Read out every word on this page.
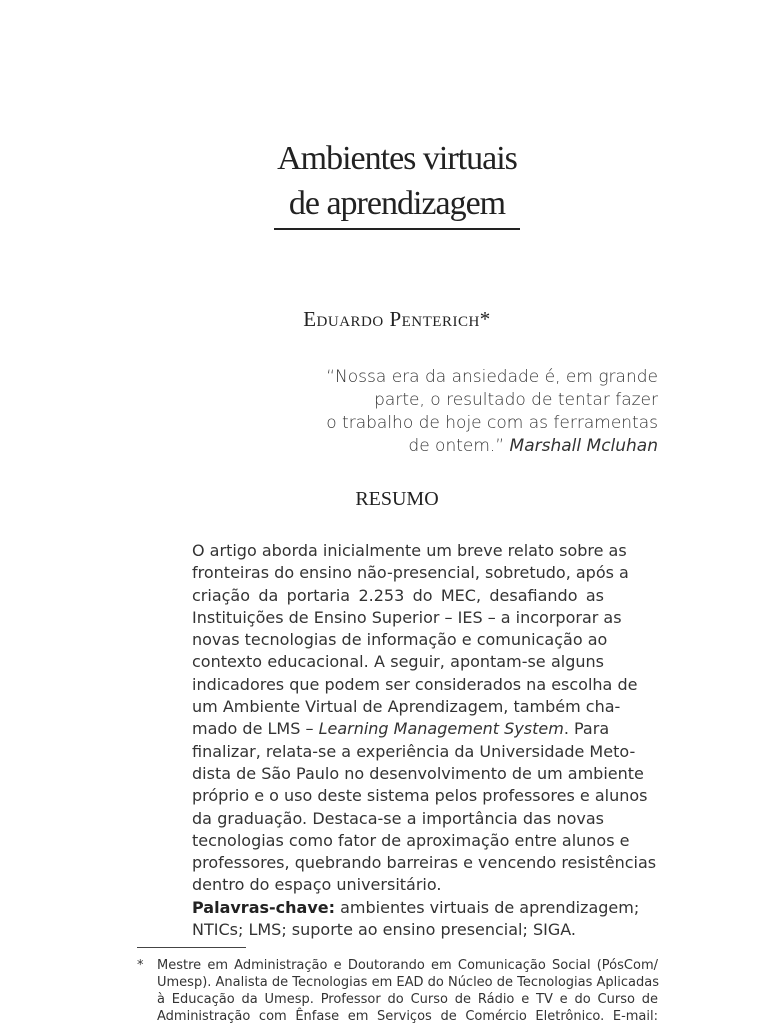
Ambientes virtuais
de aprendizagem
Eduardo Penterich*
“Nossa era da ansiedade é, em grande
parte, o resultado de tentar fazer
o trabalho de hoje com as ferramentas
de ontem.” Marshall Mcluhan
RESUMO
O artigo aborda inicialmente um breve relato sobre as
fronteiras do ensino não-presencial, sobretudo, após a
criação da portaria 2.253 do MEC, desafiando as
Instituições de Ensino Superior – IES – a incorporar as
novas tecnologias de informação e comunicação ao
contexto educacional. A seguir, apontam-se alguns
indicadores que podem ser considerados na escolha de
um Ambiente Virtual de Aprendizagem, também cha-
mado de LMS – Learning Management System. Para
finalizar, relata-se a experiência da Universidade Meto-
dista de São Paulo no desenvolvimento de um ambiente
próprio e o uso deste sistema pelos professores e alunos
da graduação. Destaca-se a importância das novas
tecnologias como fator de aproximação entre alunos e
professores, quebrando barreiras e vencendo resistências
dentro do espaço universitário.
Palavras-chave: ambientes virtuais de aprendizagem;
NTICs; LMS; suporte ao ensino presencial; SIGA.
* Mestre em Administração e Doutorando em Comunicação Social (PósCom/
Umesp). Analista de Tecnologias em EAD do Núcleo de Tecnologias Aplicadas
à Educação da Umesp. Professor do Curso de Rádio e TV e do Curso de
Administração com Ênfase em Serviços de Comércio Eletrônico. E-mail:
